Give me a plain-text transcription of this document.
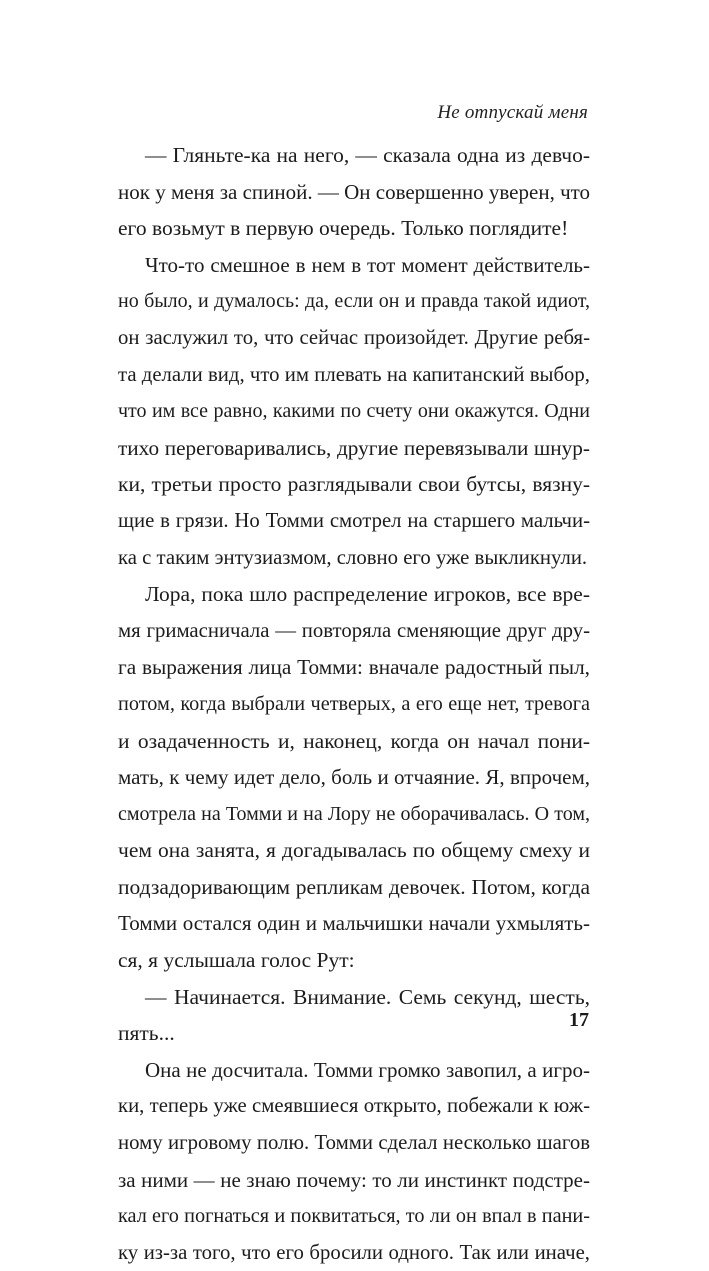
Не отпускай меня
— Гляньте-ка на него, — сказала одна из девчо-
нок у меня за спиной. — Он совершенно уверен, что
его возьмут в первую очередь. Только поглядите!
Что-то смешное в нем в тот момент действитель-
но было, и думалось: да, если он и правда такой идиот,
он заслужил то, что сейчас произойдет. Другие ребя-
та делали вид, что им плевать на капитанский выбор,
что им все равно, какими по счету они окажутся. Одни
тихо переговаривались, другие перевязывали шнур-
ки, третьи просто разглядывали свои бутсы, вязну-
щие в грязи. Но Томми смотрел на старшего мальчи-
ка с таким энтузиазмом, словно его уже выкликнули.
Лора, пока шло распределение игроков, все вре-
мя гримасничала — повторяла сменяющие друг дру-
га выражения лица Томми: вначале радостный пыл,
потом, когда выбрали четверых, а его еще нет, тревога
и озадаченность и, наконец, когда он начал пони-
мать, к чему идет дело, боль и отчаяние. Я, впрочем,
смотрела на Томми и на Лору не оборачивалась. О том,
чем она занята, я догадывалась по общему смеху и
подзадоривающим репликам девочек. Потом, когда
Томми остался один и мальчишки начали ухмылять-
ся, я услышала голос Рут:
— Начинается. Внимание. Семь секунд, шесть,
пять...
Она не досчитала. Томми громко завопил, а игро-
ки, теперь уже смеявшиеся открыто, побежали к юж-
ному игровому полю. Томми сделал несколько шагов
за ними — не знаю почему: то ли инстинкт подстре-
кал его погнаться и поквитаться, то ли он впал в пани-
ку из-за того, что его бросили одного. Так или иначе,
17
